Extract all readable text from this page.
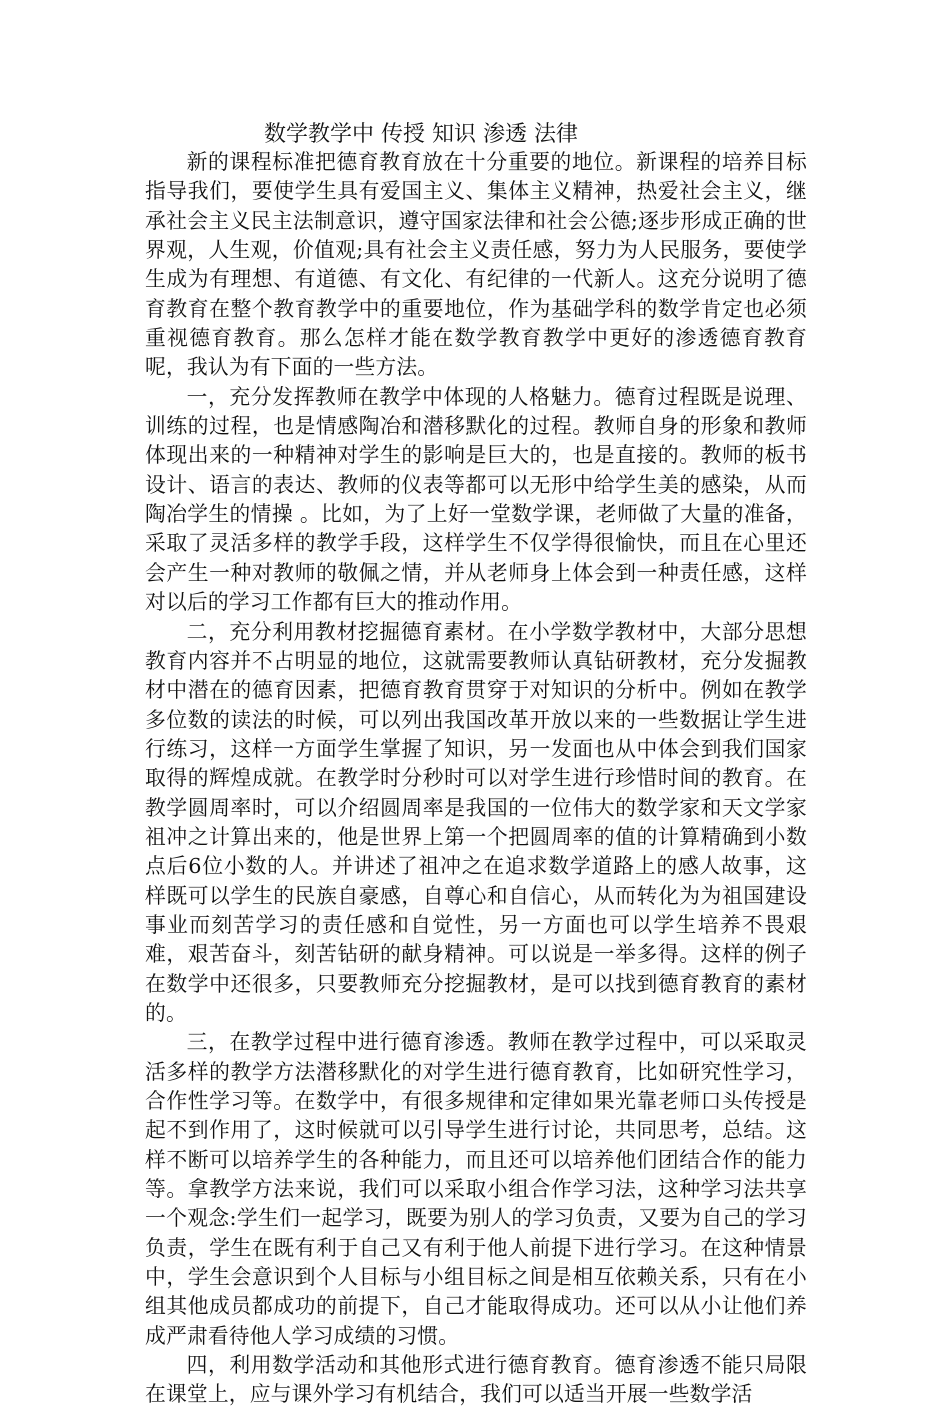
数学教学中 传授 知识 渗透 法律

新的课程标准把德育教育放在十分重要的地位。新课程的培养目标指导我们，要使学生具有爱国主义、集体主义精神，热爱社会主义，继承社会主义民主法制意识，遵守国家法律和社会公德;逐步形成正确的世界观，人生观，价值观;具有社会主义责任感，努力为人民服务，要使学生成为有理想、有道德、有文化、有纪律的一代新人。这充分说明了德育教育在整个教育教学中的重要地位，作为基础学科的数学肯定也必须重视德育教育。那么怎样才能在数学教育教学中更好的渗透德育教育呢，我认为有下面的一些方法。

一，充分发挥教师在教学中体现的人格魅力。德育过程既是说理、训练的过程，也是情感陶冶和潜移默化的过程。教师自身的形象和教师体现出来的一种精神对学生的影响是巨大的，也是直接的。教师的板书设计、语言的表达、教师的仪表等都可以无形中给学生美的感染，从而陶冶学生的情操 。比如，为了上好一堂数学课，老师做了大量的准备，采取了灵活多样的教学手段，这样学生不仅学得很愉快，而且在心里还会产生一种对教师的敬佩之情，并从老师身上体会到一种责任感，这样对以后的学习工作都有巨大的推动作用。

二，充分利用教材挖掘德育素材。在小学数学教材中，大部分思想教育内容并不占明显的地位，这就需要教师认真钻研教材，充分发掘教材中潜在的德育因素，把德育教育贯穿于对知识的分析中。例如在教学多位数的读法的时候，可以列出我国改革开放以来的一些数据让学生进行练习，这样一方面学生掌握了知识，另一发面也从中体会到我们国家取得的辉煌成就。在教学时分秒时可以对学生进行珍惜时间的教育。在教学圆周率时，可以介绍圆周率是我国的一位伟大的数学家和天文学家祖冲之计算出来的，他是世界上第一个把圆周率的值的计算精确到小数点后6位小数的人。并讲述了祖冲之在追求数学道路上的感人故事，这样既可以学生的民族自豪感，自尊心和自信心，从而转化为为祖国建设事业而刻苦学习的责任感和自觉性，另一方面也可以学生培养不畏艰难，艰苦奋斗，刻苦钻研的献身精神。可以说是一举多得。这样的例子在数学中还很多，只要教师充分挖掘教材，是可以找到德育教育的素材的。

三，在教学过程中进行德育渗透。教师在教学过程中，可以采取灵活多样的教学方法潜移默化的对学生进行德育教育，比如研究性学习，合作性学习等。在数学中，有很多规律和定律如果光靠老师口头传授是起不到作用了，这时候就可以引导学生进行讨论，共同思考，总结。这样不断可以培养学生的各种能力，而且还可以培养他们团结合作的能力等。拿教学方法来说，我们可以采取小组合作学习法，这种学习法共享一个观念:学生们一起学习，既要为别人的学习负责，又要为自己的学习负责，学生在既有利于自己又有利于他人前提下进行学习。在这种情景中，学生会意识到个人目标与小组目标之间是相互依赖关系，只有在小组其他成员都成功的前提下，自己才能取得成功。还可以从小让他们养成严肃看待他人学习成绩的习惯。

四，利用数学活动和其他形式进行德育教育。德育渗透不能只局限在课堂上，应与课外学习有机结合，我们可以适当开展一些数学活
